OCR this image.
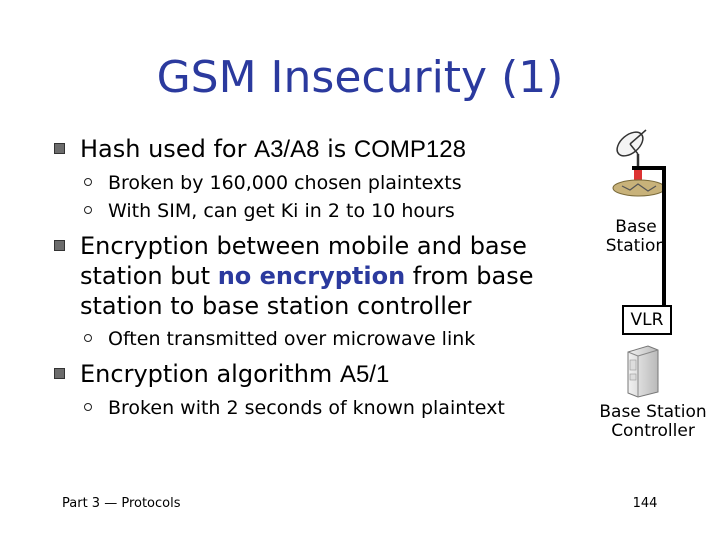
GSM Insecurity (1)
Hash used for A3/A8 is COMP128
Broken by 160,000 chosen plaintexts
With SIM, can get Ki in 2 to 10 hours
Encryption between mobile and base station but no encryption from base station to base station controller
Often transmitted over microwave link
Encryption algorithm A5/1
Broken with 2 seconds of known plaintext
Base Station
VLR
Base Station Controller
Part 3 — Protocols	144
